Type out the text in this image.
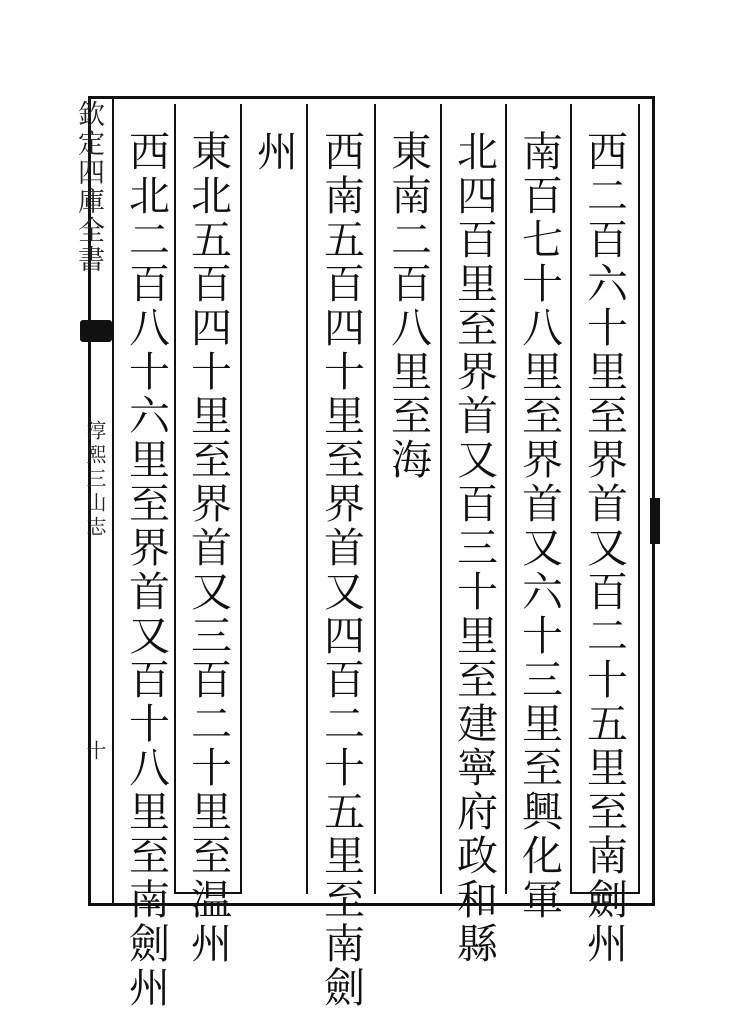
欽定四庫全書
淳熙三山志
十	西二百六十里至界首又百二十五里至南劍州
南百七十八里至界首又六十三里至興化軍
北四百里至界首又百三十里至建寧府政和縣
東南二百八里至海
西南五百四十里至界首又四百二十五里至南劍
州
東北五百四十里至界首又三百二十里至温州
西北二百八十六里至界首又百十八里至南劍州
